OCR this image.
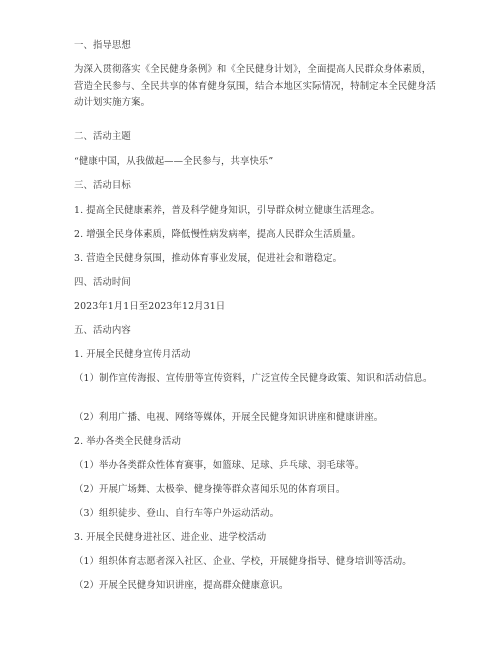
一、指导思想
为深入贯彻落实《全民健身条例》和《全民健身计划》，全面提高人民群众身体素质，营造全民参与、全民共享的体育健身氛围，结合本地区实际情况，特制定本全民健身活动计划实施方案。
二、活动主题
“健康中国，从我做起——全民参与，共享快乐”
三、活动目标
1. 提高全民健康素养，普及科学健身知识，引导群众树立健康生活理念。
2. 增强全民身体素质，降低慢性病发病率，提高人民群众生活质量。
3. 营造全民健身氛围，推动体育事业发展，促进社会和谐稳定。
四、活动时间
2023年1月1日至2023年12月31日
五、活动内容
1. 开展全民健身宣传月活动
（1）制作宣传海报、宣传册等宣传资料，广泛宣传全民健身政策、知识和活动信息。
（2）利用广播、电视、网络等媒体，开展全民健身知识讲座和健康讲座。
2. 举办各类全民健身活动
（1）举办各类群众性体育赛事，如篮球、足球、乒乓球、羽毛球等。
（2）开展广场舞、太极拳、健身操等群众喜闻乐见的体育项目。
（3）组织徒步、登山、自行车等户外运动活动。
3. 开展全民健身进社区、进企业、进学校活动
（1）组织体育志愿者深入社区、企业、学校，开展健身指导、健身培训等活动。
（2）开展全民健身知识讲座，提高群众健康意识。
